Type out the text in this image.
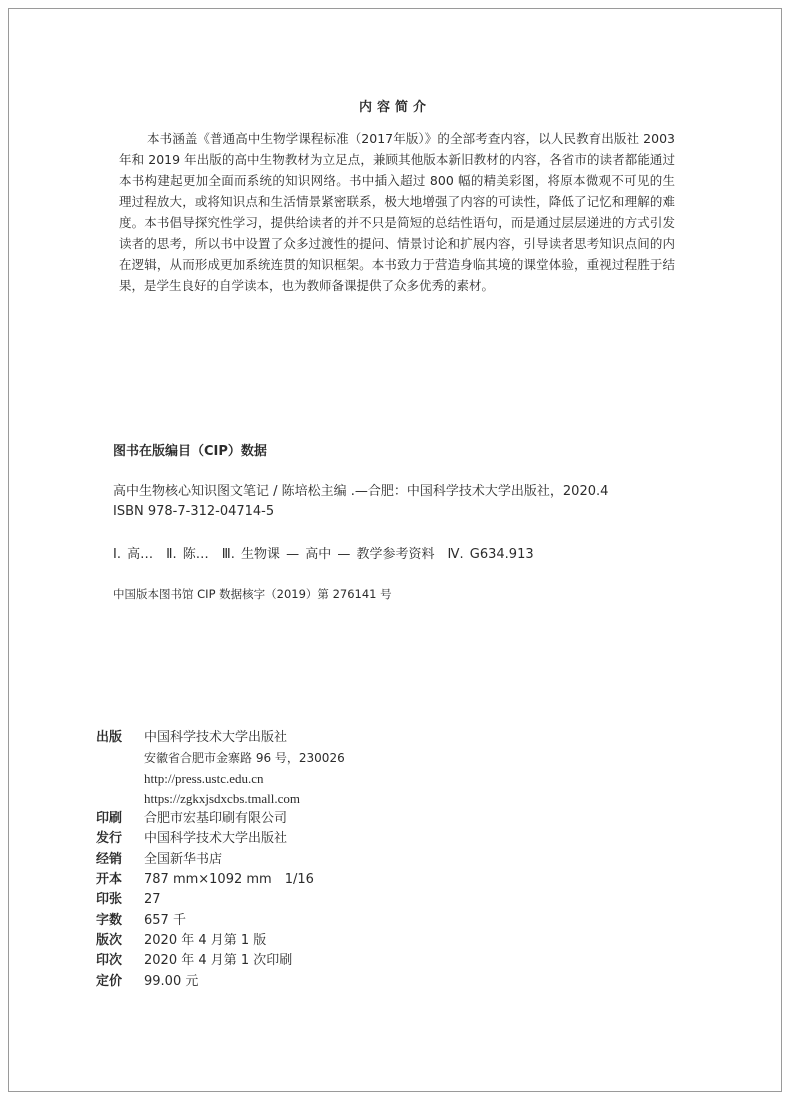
内容简介

本书涵盖《普通高中生物学课程标准（2017年版）》的全部考查内容，以人民教育出版社 2003 年和 2019 年出版的高中生物教材为立足点，兼顾其他版本新旧教材的内容，各省市的读者都能通过本书构建起更加全面而系统的知识网络。书中插入超过 800 幅的精美彩图，将原本微观不可见的生理过程放大，或将知识点和生活情景紧密联系，极大地增强了内容的可读性，降低了记忆和理解的难度。本书倡导探究性学习，提供给读者的并不只是简短的总结性语句，而是通过层层递进的方式引发读者的思考，所以书中设置了众多过渡性的提问、情景讨论和扩展内容，引导读者思考知识点间的内在逻辑，从而形成更加系统连贯的知识框架。本书致力于营造身临其境的课堂体验，重视过程胜于结果，是学生良好的自学读本，也为教师备课提供了众多优秀的素材。

图书在版编目（CIP）数据
高中生物核心知识图文笔记 / 陈培松主编 .—合肥：中国科学技术大学出版社，2020.4
ISBN 978-7-312-04714-5
Ⅰ. 高…　Ⅱ. 陈…　Ⅲ. 生物课 — 高中 — 教学参考资料　Ⅳ. G634.913
中国版本图书馆 CIP 数据核字（2019）第 276141 号
出版	中国科学技术大学出版社
安徽省合肥市金寨路 96 号，230026
http://press.ustc.edu.cn
https://zgkxjsdxcbs.tmall.com
印刷	合肥市宏基印刷有限公司
发行	中国科学技术大学出版社
经销	全国新华书店
开本	787 mm×1092 mm　1/16
印张	27
字数	657 千
版次	2020 年 4 月第 1 版
印次	2020 年 4 月第 1 次印刷
定价	99.00 元
